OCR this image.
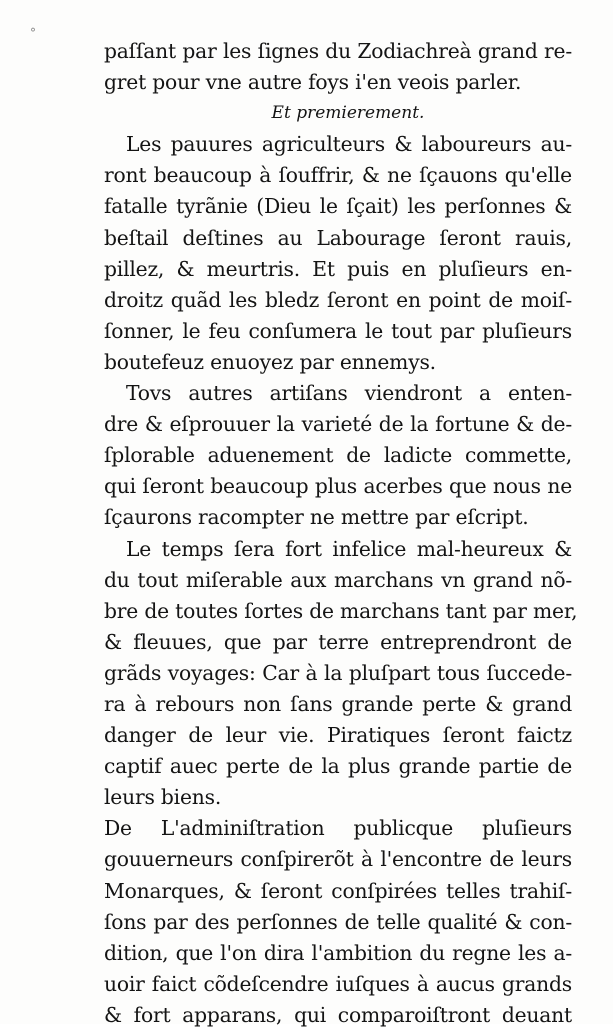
°
paſſant par les ſignes du Zodiachreà grand re-
gret pour vne autre foys i'en veois parler.
Et premierement.
Les pauures agriculteurs & laboureurs au-
ront beaucoup à ſouffrir, & ne ſçauons qu'elle
fatalle tyrãnie (Dieu le ſçait) les perſonnes &
beſtail deſtines au Labourage ſeront rauis,
pillez, & meurtris. Et puis en pluſieurs en-
droitz quãd les bledz ſeront en point de moiſ-
ſonner, le feu conſumera le tout par pluſieurs
boutefeuz enuoyez par ennemys.
Tovs autres artiſans viendront a enten-
dre & eſprouuer la varieté de la fortune & de-
ſplorable aduenement de ladicte commette,
qui ſeront beaucoup plus acerbes que nous ne
ſçaurons racompter ne mettre par eſcript.
Le temps ſera fort infelice mal-heureux &
du tout miſerable aux marchans vn grand nõ-
bre de toutes ſortes de marchans tant par mer,
& fleuues, que par terre entreprendront de
grãds voyages: Car à la pluſpart tous ſuccede-
ra à rebours non ſans grande perte & grand
danger de leur vie. Piratiques ſeront faictz
captif auec perte de la plus grande partie de
leurs biens.
De L'adminiſtration publicque pluſieurs
gouuerneurs conſpirerõt à l'encontre de leurs
Monarques, & ſeront conſpirées telles trahiſ-
ſons par des perſonnes de telle qualité & con-
dition, que l'on dira l'ambition du regne les a-
uoir faict cõdeſcendre iuſques à aucus grands
& fort apparans, qui comparoiſtront deuant
